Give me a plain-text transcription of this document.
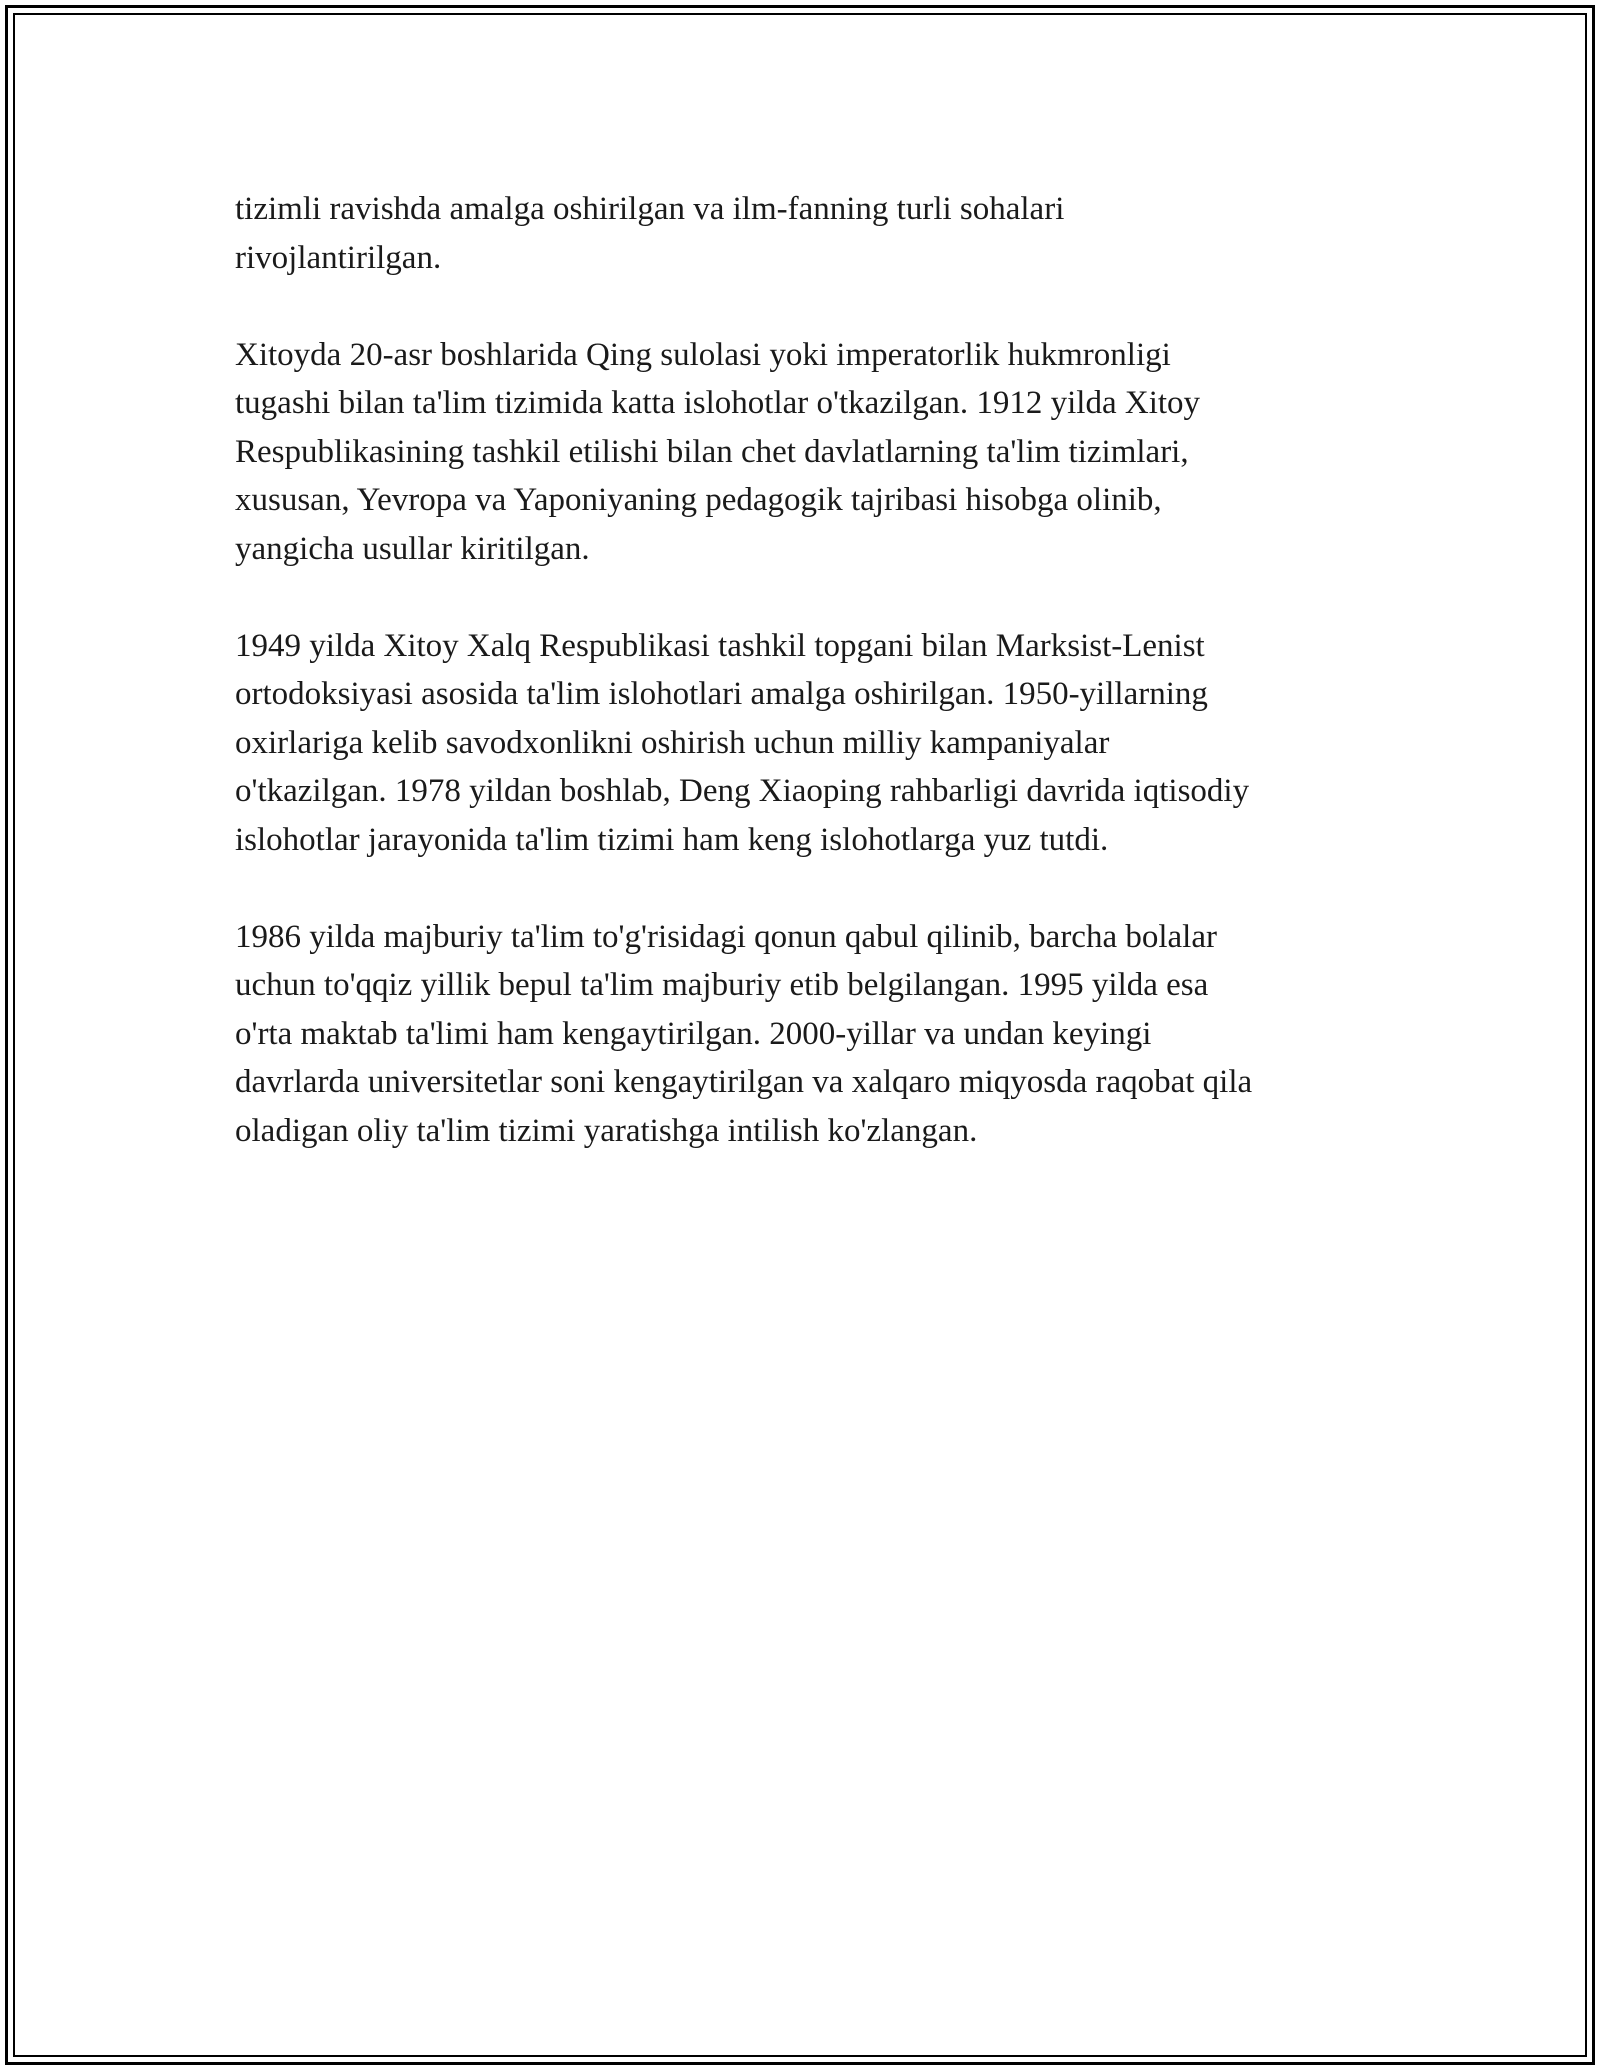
tizimli ravishda amalga oshirilgan va ilm-fanning turli sohalari
rivojlantirilgan.

Xitoyda 20-asr boshlarida Qing sulolasi yoki imperatorlik hukmronligi
tugashi bilan ta'lim tizimida katta islohotlar o'tkazilgan. 1912 yilda Xitoy
Respublikasining tashkil etilishi bilan chet davlatlarning ta'lim tizimlari,
xususan, Yevropa va Yaponiyaning pedagogik tajribasi hisobga olinib,
yangicha usullar kiritilgan.

1949 yilda Xitoy Xalq Respublikasi tashkil topgani bilan Marksist-Lenist
ortodoksiyasi asosida ta'lim islohotlari amalga oshirilgan. 1950-yillarning
oxirlariga kelib savodxonlikni oshirish uchun milliy kampaniyalar
o'tkazilgan. 1978 yildan boshlab, Deng Xiaoping rahbarligi davrida iqtisodiy
islohotlar jarayonida ta'lim tizimi ham keng islohotlarga yuz tutdi.

1986 yilda majburiy ta'lim to'g'risidagi qonun qabul qilinib, barcha bolalar
uchun to'qqiz yillik bepul ta'lim majburiy etib belgilangan. 1995 yilda esa
o'rta maktab ta'limi ham kengaytirilgan. 2000-yillar va undan keyingi
davrlarda universitetlar soni kengaytirilgan va xalqaro miqyosda raqobat qila
oladigan oliy ta'lim tizimi yaratishga intilish ko'zlangan.
